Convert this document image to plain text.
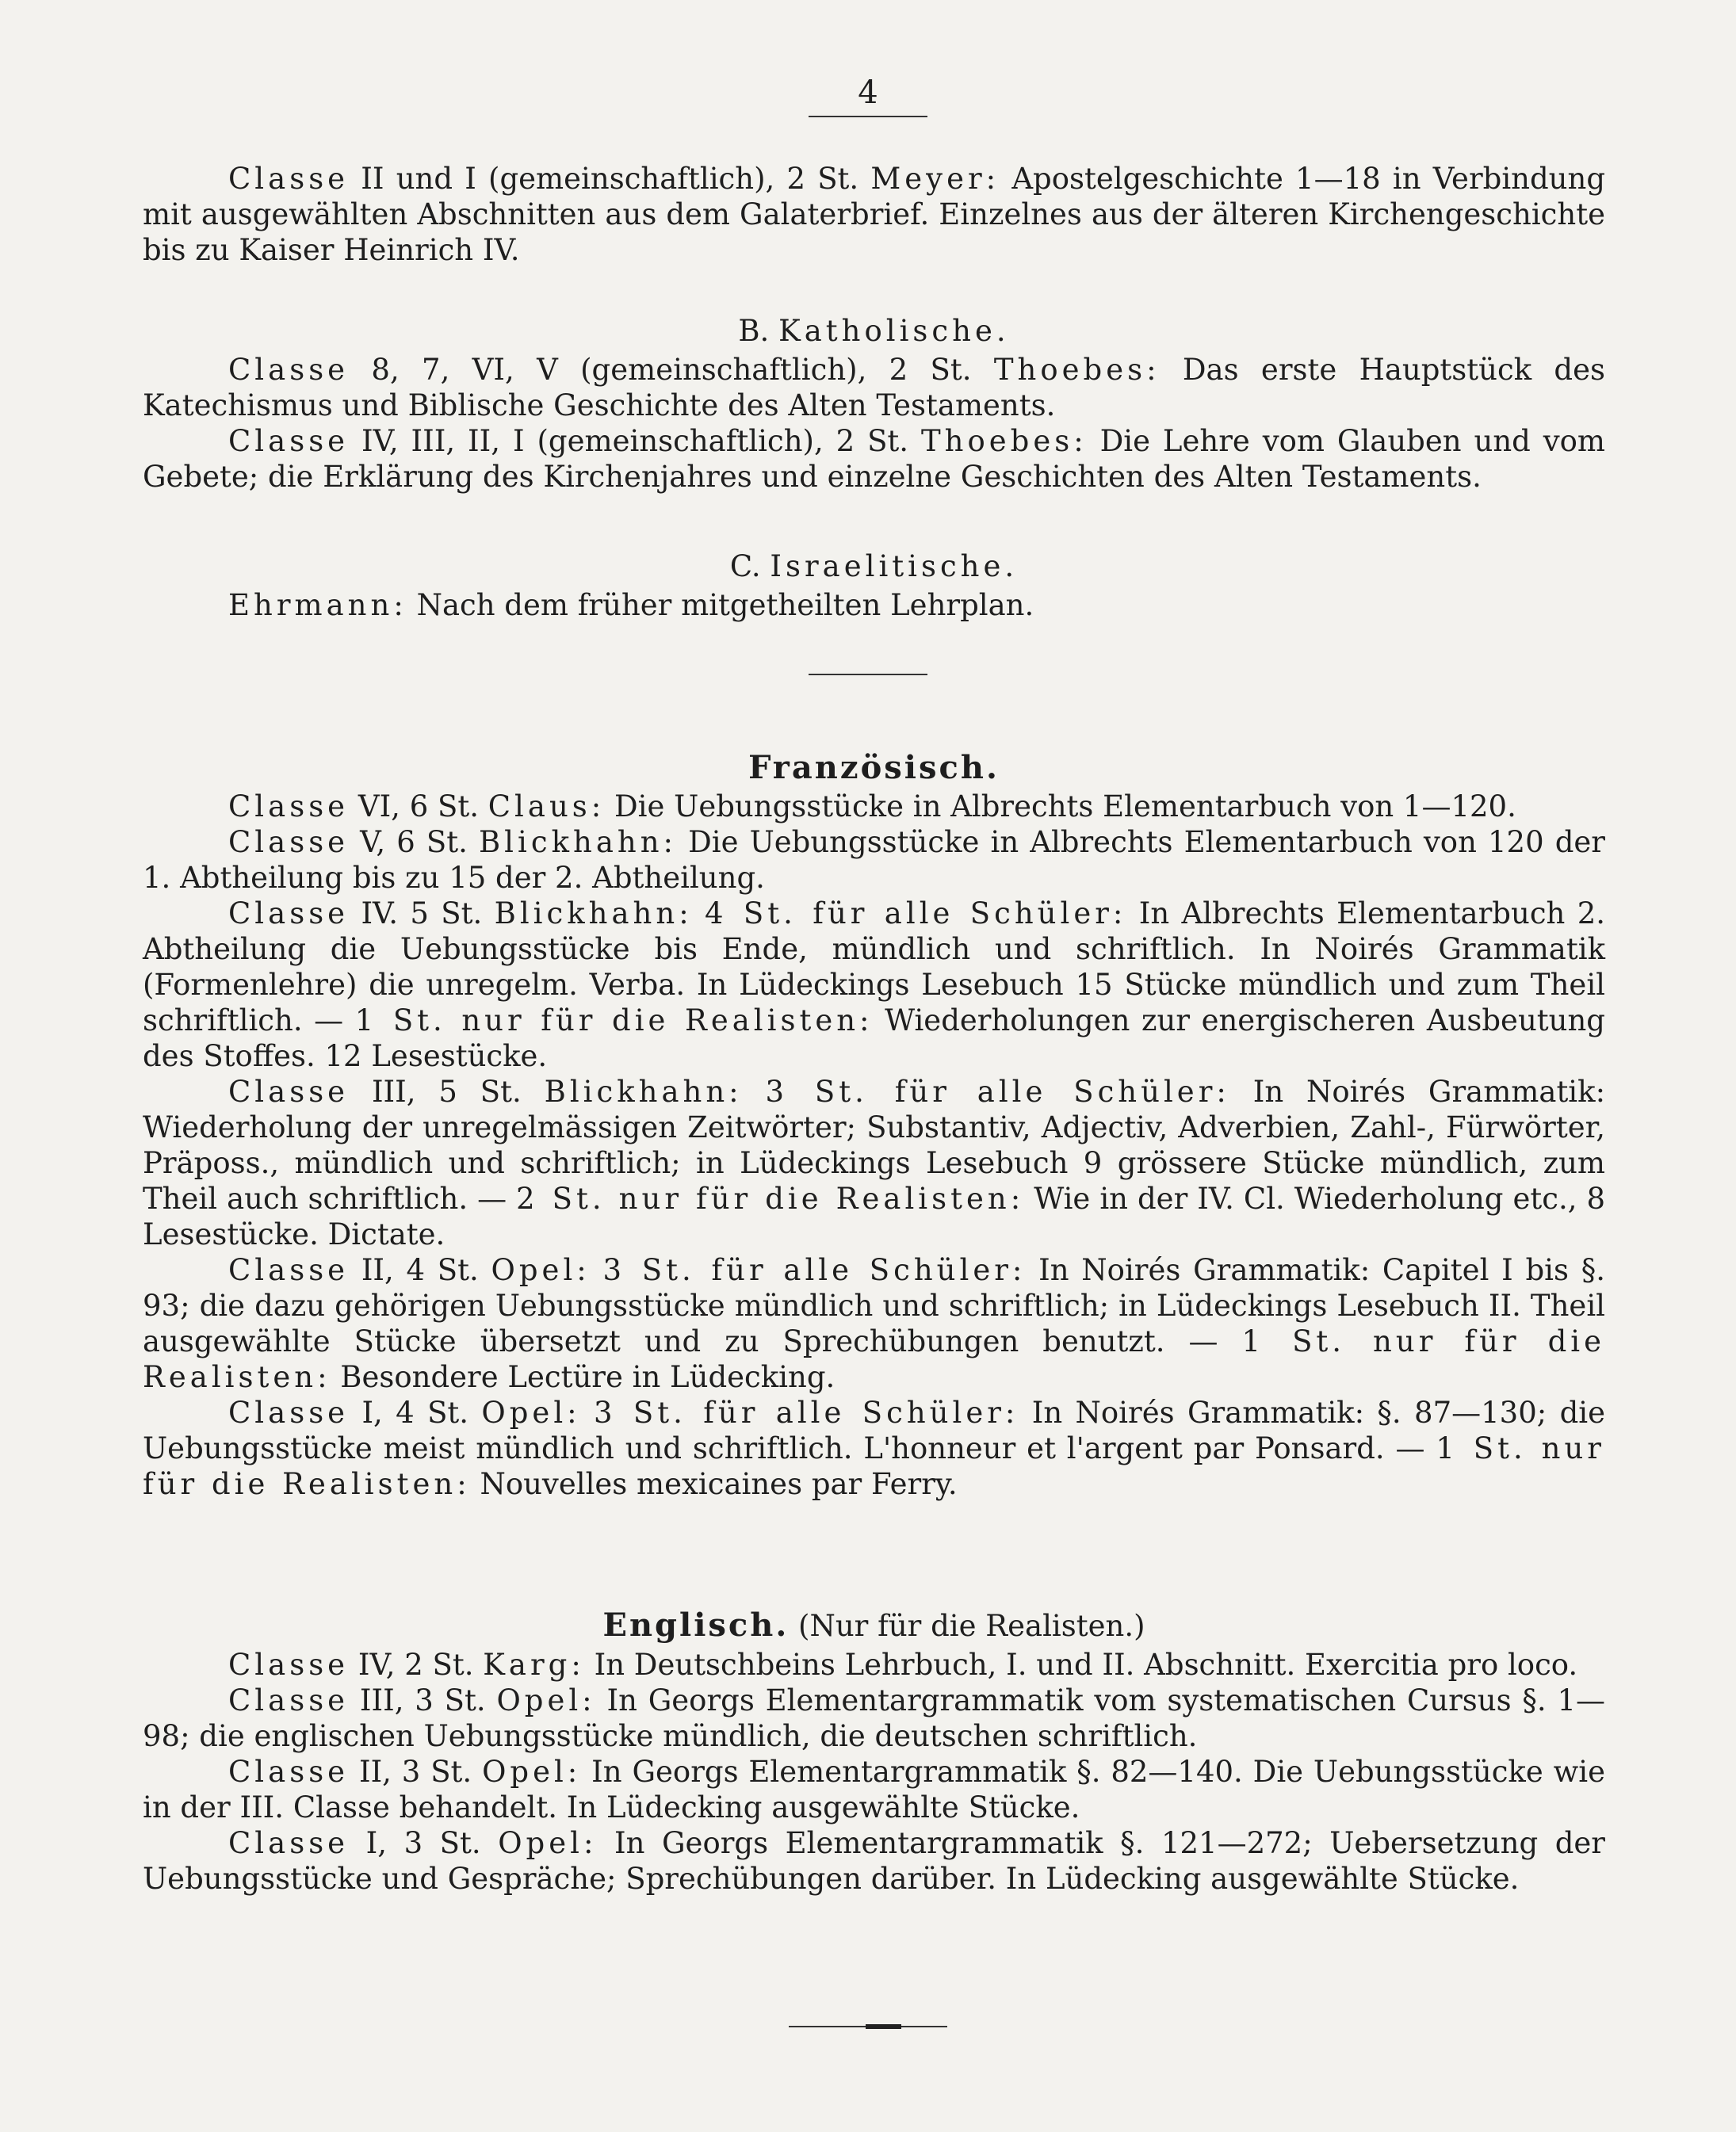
4

Classe II und I (gemeinschaftlich), 2 St. Meyer: Apostelgeschichte 1—18 in Verbindung mit ausgewählten Abschnitten aus dem Galaterbrief. Einzelnes aus der älteren Kirchengeschichte bis zu Kaiser Heinrich IV.

B. Katholische.

Classe 8, 7, VI, V (gemeinschaftlich), 2 St. Thoebes: Das erste Hauptstück des Katechismus und Biblische Geschichte des Alten Testaments.

Classe IV, III, II, I (gemeinschaftlich), 2 St. Thoebes: Die Lehre vom Glauben und vom Gebete; die Erklärung des Kirchenjahres und einzelne Geschichten des Alten Testaments.

C. Israelitische.

Ehrmann: Nach dem früher mitgetheilten Lehrplan.

Französisch.

Classe VI, 6 St. Claus: Die Uebungsstücke in Albrechts Elementarbuch von 1—120.

Classe V, 6 St. Blickhahn: Die Uebungsstücke in Albrechts Elementarbuch von 120 der 1. Abtheilung bis zu 15 der 2. Abtheilung.

Classe IV. 5 St. Blickhahn: 4 St. für alle Schüler: In Albrechts Elementarbuch 2. Abtheilung die Uebungsstücke bis Ende, mündlich und schriftlich. In Noirés Grammatik (Formenlehre) die unregelm. Verba. In Lüdeckings Lesebuch 15 Stücke mündlich und zum Theil schriftlich. — 1 St. nur für die Realisten: Wiederholungen zur energischeren Ausbeutung des Stoffes. 12 Lesestücke.

Classe III, 5 St. Blickhahn: 3 St. für alle Schüler: In Noirés Grammatik: Wiederholung der unregelmässigen Zeitwörter; Substantiv, Adjectiv, Adverbien, Zahl-, Fürwörter, Präposs., mündlich und schriftlich; in Lüdeckings Lesebuch 9 grössere Stücke mündlich, zum Theil auch schriftlich. — 2 St. nur für die Realisten: Wie in der IV. Cl. Wiederholung etc., 8 Lesestücke. Dictate.

Classe II, 4 St. Opel: 3 St. für alle Schüler: In Noirés Grammatik: Capitel I bis §. 93; die dazu gehörigen Uebungsstücke mündlich und schriftlich; in Lüdeckings Lesebuch II. Theil ausgewählte Stücke übersetzt und zu Sprechübungen benutzt. — 1 St. nur für die Realisten: Besondere Lectüre in Lüdecking.

Classe I, 4 St. Opel: 3 St. für alle Schüler: In Noirés Grammatik: §. 87—130; die Uebungsstücke meist mündlich und schriftlich. L'honneur et l'argent par Ponsard. — 1 St. nur für die Realisten: Nouvelles mexicaines par Ferry.

Englisch. (Nur für die Realisten.)

Classe IV, 2 St. Karg: In Deutschbeins Lehrbuch, I. und II. Abschnitt. Exercitia pro loco.

Classe III, 3 St. Opel: In Georgs Elementargrammatik vom systematischen Cursus §. 1—98; die englischen Uebungsstücke mündlich, die deutschen schriftlich.

Classe II, 3 St. Opel: In Georgs Elementargrammatik §. 82—140. Die Uebungsstücke wie in der III. Classe behandelt. In Lüdecking ausgewählte Stücke.

Classe I, 3 St. Opel: In Georgs Elementargrammatik §. 121—272; Uebersetzung der Uebungsstücke und Gespräche; Sprechübungen darüber. In Lüdecking ausgewählte Stücke.
